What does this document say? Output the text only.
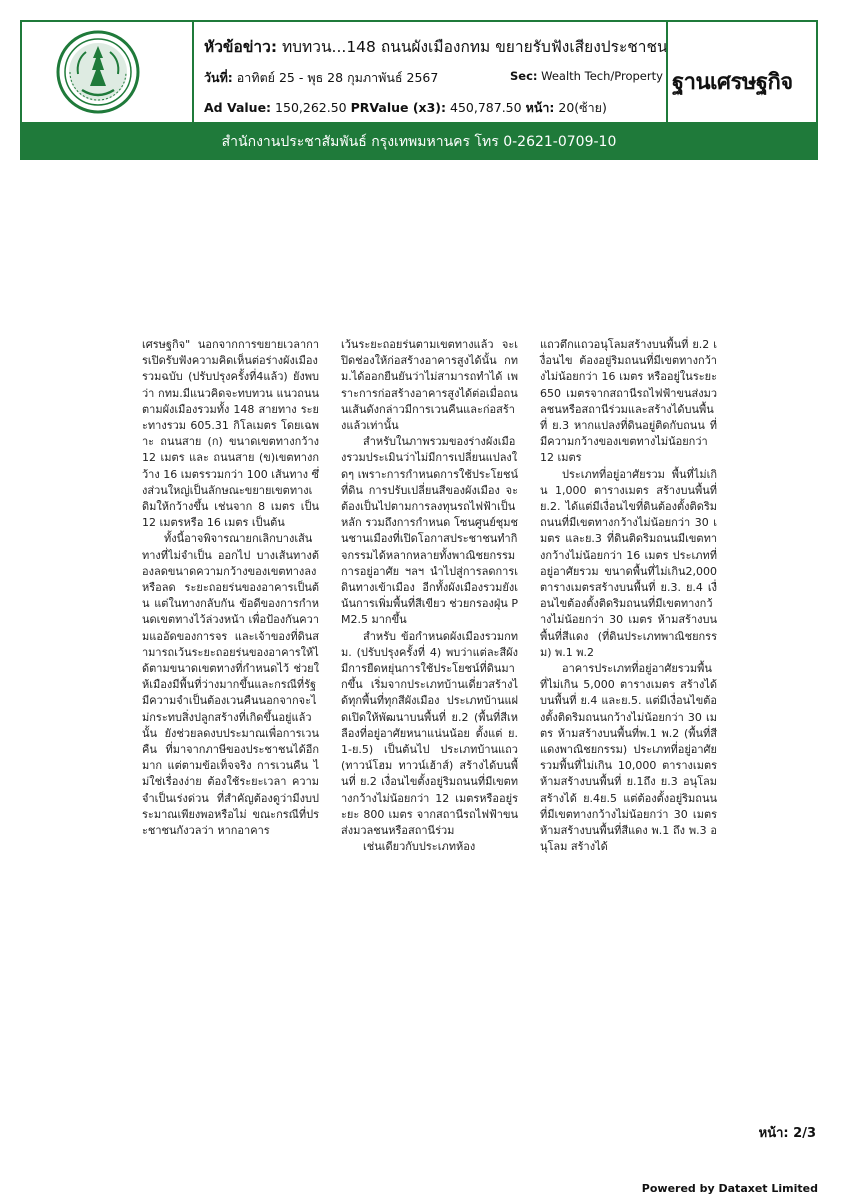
หัวข้อข่าว: ทบทวน...148 ถนนผังเมืองกทม ขยายรับฟังเสียงประชาชน
วันที่: อาทิตย์ 25 - พุธ 28 กุมภาพันธ์ 2567	Sec: Wealth Tech/Property
Ad Value: 150,262.50 PRValue (x3): 450,787.50 หน้า: 20(ซ้าย)
ฐานเศรษฐกิจ
สำนักงานประชาสัมพันธ์ กรุงเทพมหานคร โทร 0-2621-0709-10

เศรษฐกิจ" นอกจากการขยายเวลาการเปิดรับฟังความคิดเห็นต่อร่างผังเมืองรวมฉบับ (ปรับปรุงครั้งที่4แล้ว) ยังพบว่า กทม.มีแนวคิดจะทบทวน แนวถนนตามผังเมืองรวมทั้ง 148 สายทาง ระยะทางรวม 605.31 กิโลเมตร โดยเฉพาะ ถนนสาย (ก) ขนาดเขตทางกว้าง 12 เมตร และ ถนนสาย (ข)เขตทางกว้าง 16 เมตรรวมกว่า 100 เส้นทาง ซึ่งส่วนใหญ่เป็นลักษณะขยายเขตทางเดิมให้กว้างขึ้น เช่นจาก 8 เมตร เป็น 12 เมตรหรือ 16 เมตร เป็นต้น

ทั้งนี้อาจพิจารณายกเลิกบางเส้นทางที่ไม่จำเป็น ออกไป บางเส้นทางต้องลดขนาดความกว้างของเขตทางลง หรือลด ระยะถอยร่นของอาคารเป็นต้น แต่ในทางกลับกัน ข้อดีของการกำหนดเขตทางไว้ล่วงหน้า เพื่อป้องกันความแออัดของการจร และเจ้าของที่ดินสามารถเว้นระยะถอยร่นของอาคารให้ได้ตามขนาดเขตทางที่กำหนดไว้ ช่วยให้เมืองมีพื้นที่ว่างมากขึ้นและกรณีที่รัฐมีความจำเป็นต้องเวนคืนนอกจากจะไม่กระทบสิ่งปลูกสร้างที่เกิดขึ้นอยู่แล้วนั้น ยังช่วยลดงบประมาณเพื่อการเวนคืน ที่มาจากภาษีของประชาชนได้อีกมาก แต่ตามข้อเท็จจริง การเวนคืน ไม่ใช่เรื่องง่าย ต้องใช้ระยะเวลา ความจำเป็นเร่งด่วน ที่สำคัญต้องดูว่ามีงบประมาณเพียงพอหรือไม่ ขณะกรณีที่ประชาชนกังวลว่า หากอาคาร

เว้นระยะถอยร่นตามเขตทางแล้ว จะเปิดช่องให้ก่อสร้างอาคารสูงได้นั้น กทม.ได้ออกยืนยันว่าไม่สามารถทำได้ เพราะการก่อสร้างอาคารสูงได้ต่อเมื่อถนนเส้นดังกล่าวมีการเวนคืนและก่อสร้างแล้วเท่านั้น

สำหรับในภาพรวมของร่างผังเมืองรวมประเมินว่าไม่มีการเปลี่ยนแปลงใดๆ เพราะการกำหนดการใช้ประโยชน์ที่ดิน การปรับเปลี่ยนสีของผังเมือง จะต้องเป็นไปตามการลงทุนรถไฟฟ้าเป็นหลัก รวมถึงการกำหนด โซนศูนย์ชุมชนชานเมืองที่เปิดโอกาสประชาชนทำกิจกรรมได้หลากหลายทั้งพาณิชยกรรม การอยู่อาศัย ฯลฯ นำไปสู่การลดการเดินทางเข้าเมือง อีกทั้งผังเมืองรวมยังเน้นการเพิ่มพื้นที่สีเขียว ช่วยกรองฝุ่น PM2.5 มากขึ้น

สำหรับ ข้อกำหนดผังเมืองรวมกทม. (ปรับปรุงครั้งที่ 4) พบว่าแต่ละสีผังมีการยืดหยุ่นการใช้ประโยชน์ที่ดินมากขึ้น เริ่มจากประเภทบ้านเดี่ยวสร้างได้ทุกพื้นที่ทุกสีผังเมือง ประเภทบ้านแฝดเปิดให้พัฒนาบนพื้นที่ ย.2 (พื้นที่สีเหลืองที่อยู่อาศัยหนาแน่นน้อย ตั้งแต่ ย.1-ย.5) เป็นต้นไป ประเภทบ้านแถว (ทาวน์โฮม ทาวน์เฮ้าส์) สร้างได้บนพื้นที่ ย.2 เงื่อนไขตั้งอยู่ริมถนนที่มีเขตทางกว้างไม่น้อยกว่า 12 เมตรหรืออยู่ระยะ 800 เมตร จากสถานีรถไฟฟ้าขนส่งมวลชนหรือสถานีร่วม

เช่นเดียวกับประเภทห้อง

แถวตึกแถวอนุโลมสร้างบนพื้นที่ ย.2 เงื่อนไข ต้องอยู่ริมถนนที่มีเขตทางกว้างไม่น้อยกว่า 16 เมตร หรืออยู่ในระยะ650 เมตรจากสถานีรถไฟฟ้าขนส่งมวลชนหรือสถานีร่วมและสร้างได้บนพื้นที่ ย.3 หากแปลงที่ดินอยู่ติดกับถนน ที่มีความกว้างของเขตทางไม่น้อยกว่า 12 เมตร

ประเภทที่อยู่อาศัยรวม พื้นที่ไม่เกิน 1,000 ตารางเมตร สร้างบนพื้นที่ ย.2. ได้แต่มีเงื่อนไขที่ดินต้องตั้งติดริมถนนที่มีเขตทางกว้างไม่น้อยกว่า 30 เมตร และย.3 ที่ดินติดริมถนนมีเขตทางกว้างไม่น้อยกว่า 16 เมตร ประเภทที่อยู่อาศัยรวม ขนาดพื้นที่ไม่เกิน2,000 ตารางเมตรสร้างบนพื้นที่ ย.3. ย.4 เงื่อนไขต้องตั้งติดริมถนนที่มีเขตทางกว้างไม่น้อยกว่า 30 เมตร ห้ามสร้างบนพื้นที่สีแดง (ที่ดินประเภทพาณิชยกรรม) พ.1 พ.2

อาคารประเภทที่อยู่อาศัยรวมพื้นที่ไม่เกิน 5,000 ตารางเมตร สร้างได้บนพื้นที่ ย.4 และย.5. แต่มีเงื่อนไขต้องตั้งติดริมถนนกว้างไม่น้อยกว่า 30 เมตร ห้ามสร้างบนพื้นที่พ.1 พ.2 (พื้นที่สีแดงพาณิชยกรรม) ประเภทที่อยู่อาศัยรวมพื้นที่ไม่เกิน 10,000 ตารางเมตร ห้ามสร้างบนพื้นที่ ย.1ถึง ย.3 อนุโลมสร้างได้ ย.4ย.5 แต่ต้องตั้งอยู่ริมถนน ที่มีเขตทางกว้างไม่น้อยกว่า 30 เมตร ห้ามสร้างบนพื้นที่สีแดง พ.1 ถึง พ.3 อนุโลม สร้างได้

หน้า: 2/3
Powered by Dataxet Limited
